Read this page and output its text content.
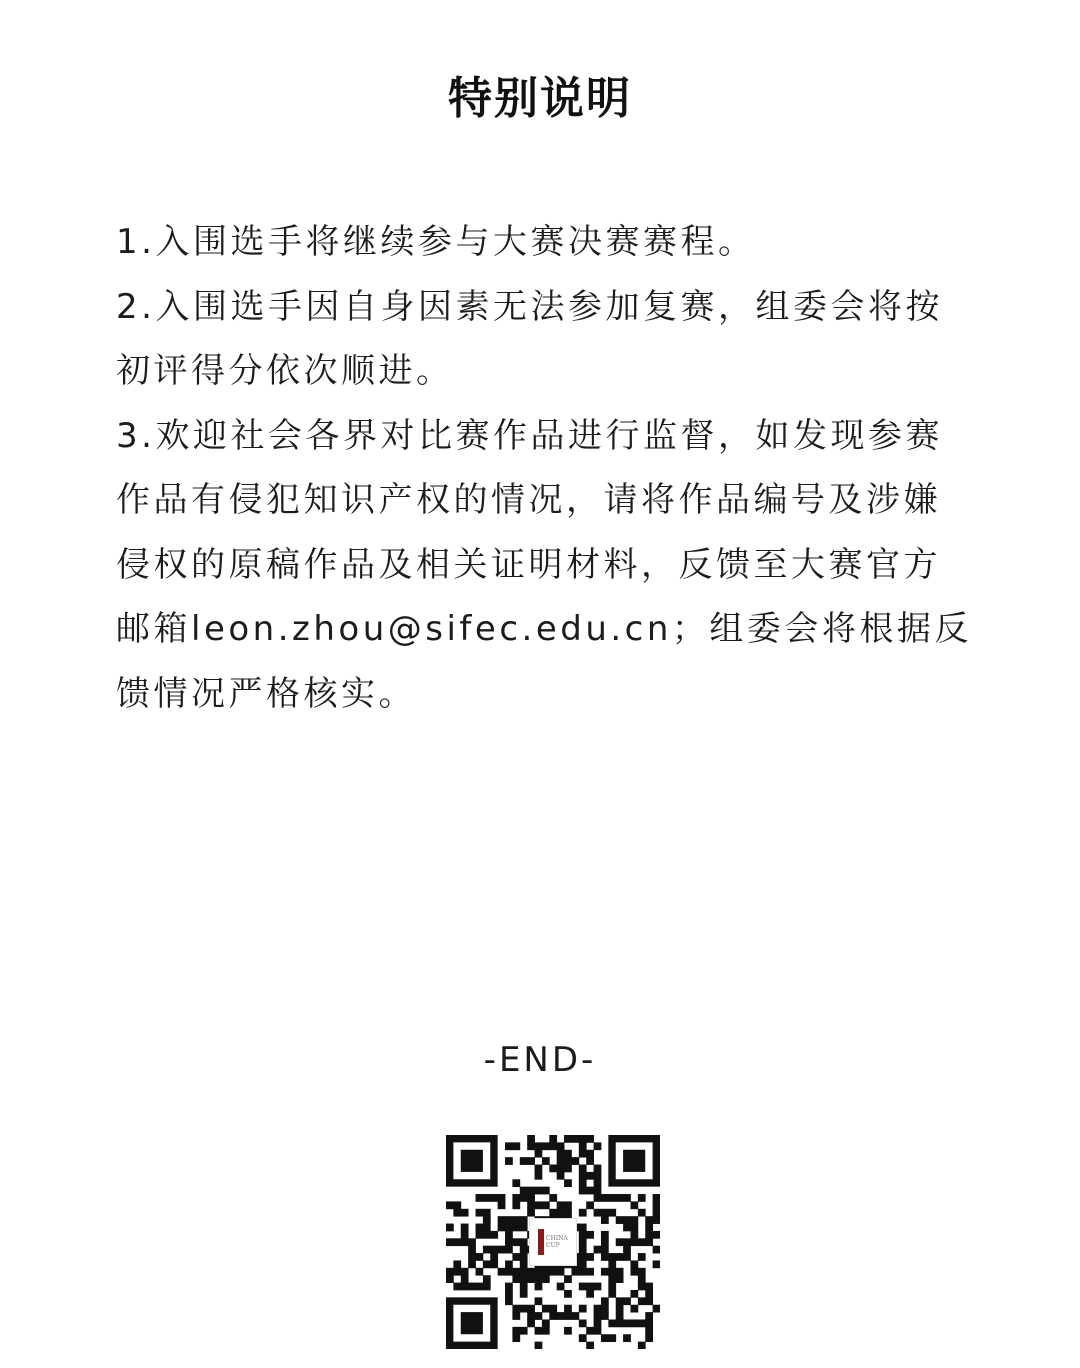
特别说明

1.入围选手将继续参与大赛决赛赛程。

2.入围选手因自身因素无法参加复赛，组委会将按初评得分依次顺进。

3.欢迎社会各界对比赛作品进行监督，如发现参赛作品有侵犯知识产权的情况，请将作品编号及涉嫌侵权的原稿作品及相关证明材料，反馈至大赛官方邮箱leon.zhou@sifec.edu.cn；组委会将根据反馈情况严格核实。

-END-
CHINA
CUP
